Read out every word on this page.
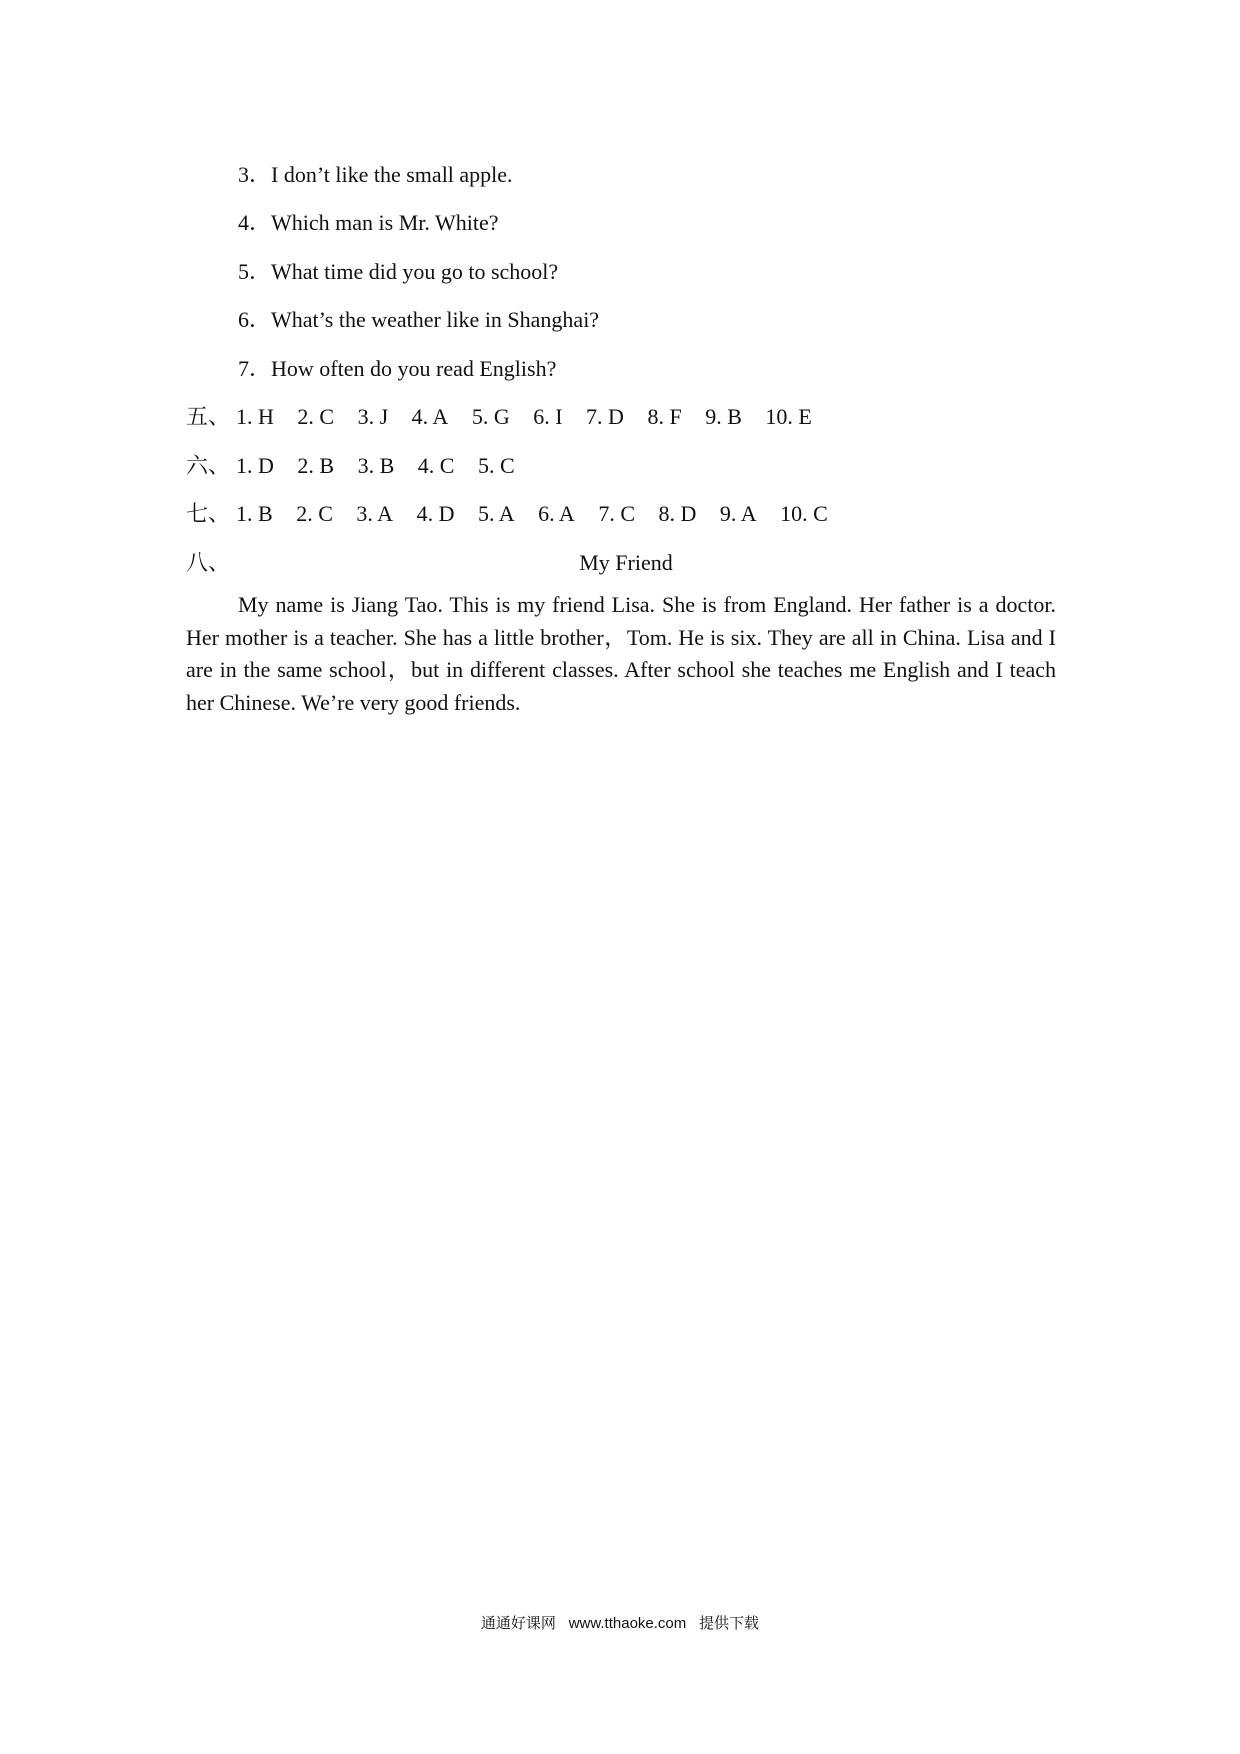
3．I don’t like the small apple.
4．Which man is Mr. White?
5．What time did you go to school?
6．What’s the weather like in Shanghai?
7．How often do you read English?
五、 1. H 2. C 3. J 4. A 5. G 6. I 7. D 8. F 9. B 10. E
六、 1. D 2. B 3. B 4. C 5. C
七、 1. B 2. C 3. A 4. D 5. A 6. A 7. C 8. D 9. A 10. C
八、	My Friend
My name is Jiang Tao. This is my friend Lisa. She is from England. Her father is a doctor. Her mother is a teacher. She has a little brother，Tom. He is six. They are all in China. Lisa and I are in the same school，but in different classes. After school she teaches me English and I teach her Chinese. We’re very good friends.
通通好课网 www.tthaoke.com 提供下载
